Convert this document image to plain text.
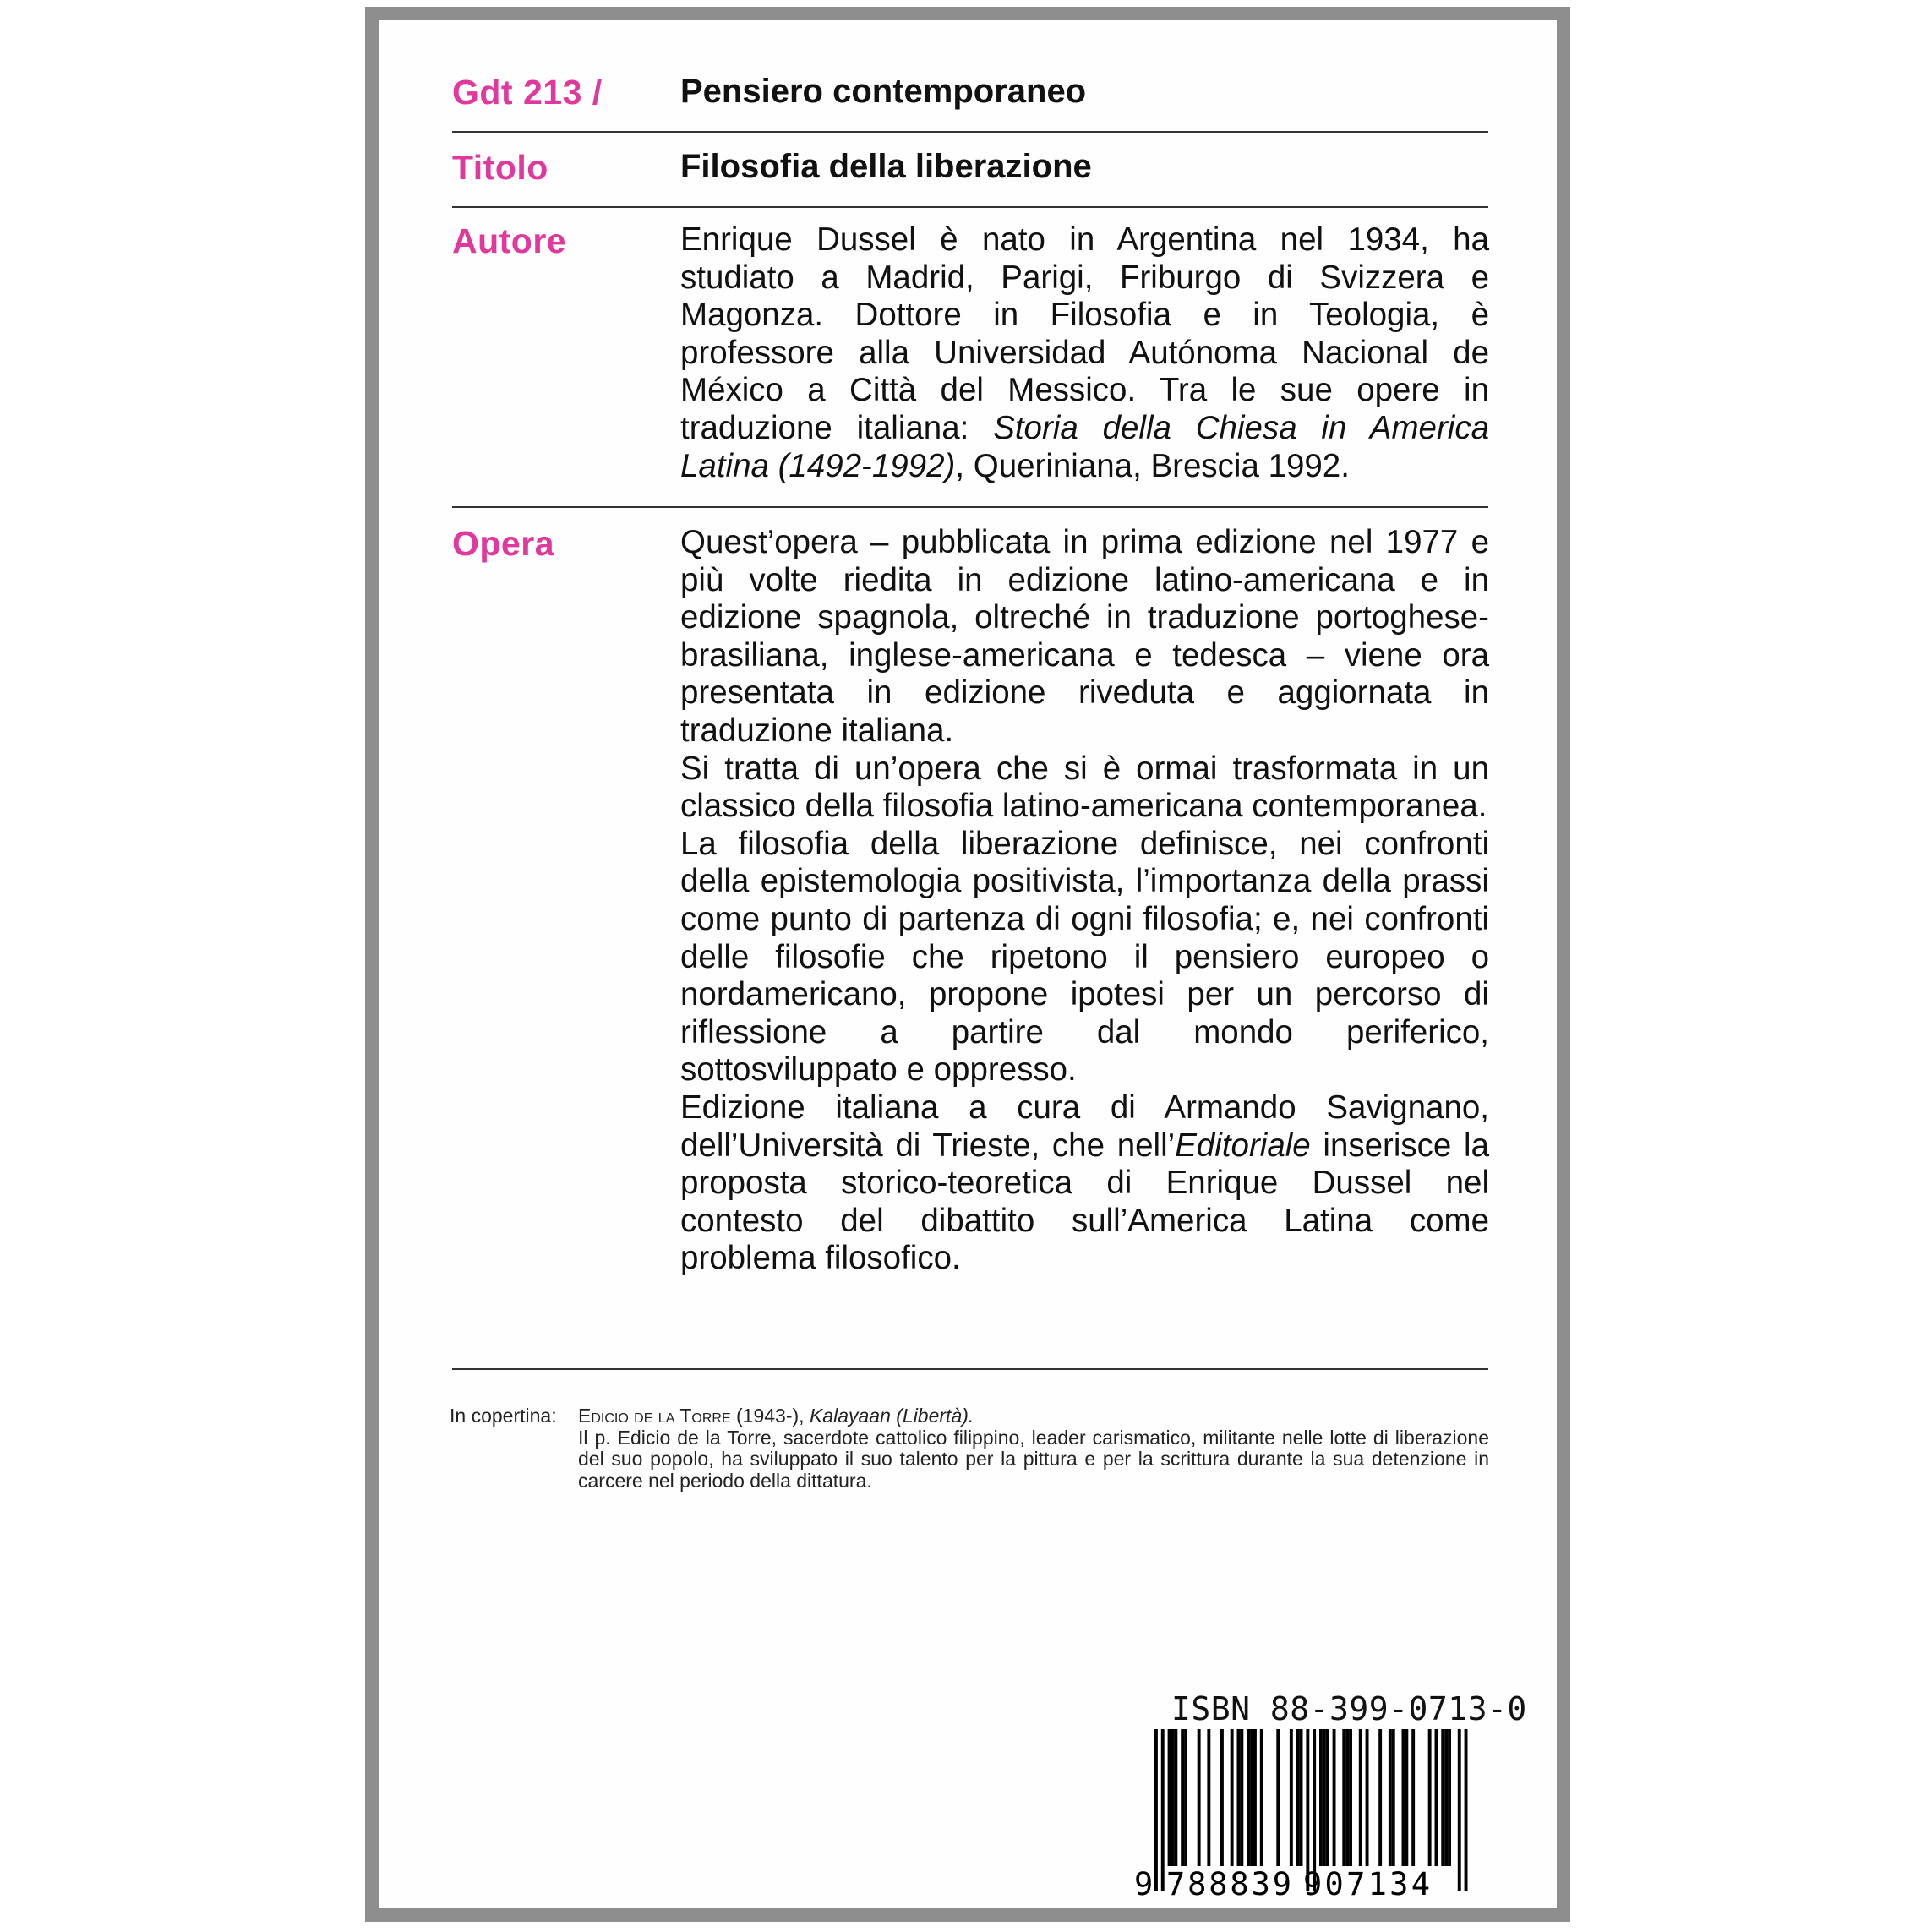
Gdt 213 / Pensiero contemporaneo
Titolo	Filosofia della liberazione
Autore	Enrique Dussel è nato in Argentina nel 1934, ha studiato a Madrid, Parigi, Friburgo di Svizzera e Magonza. Dottore in Filosofia e in Teologia, è professore alla Universidad Autónoma Nacional de México a Città del Messico. Tra le sue opere in traduzione italiana: Storia della Chiesa in America Latina (1492-1992), Queriniana, Brescia 1992.

Opera	Quest’opera – pubblicata in prima edizione nel 1977 e più volte riedita in edizione latino-americana e in edizione spagnola, oltreché in traduzione portoghese-brasiliana, inglese-americana e tedesca – viene ora presentata in edizione riveduta e aggiornata in traduzione italiana.

Si tratta di un’opera che si è ormai trasformata in un classico della filosofia latino-americana contemporanea.

La filosofia della liberazione definisce, nei confronti della epistemologia positivista, l’importanza della prassi come punto di partenza di ogni filosofia; e, nei confronti delle filosofie che ripetono il pensiero europeo o nordamericano, propone ipotesi per un percorso di riflessione a partire dal mondo periferico, sottosviluppato e oppresso.

Edizione italiana a cura di Armando Savignano, dell’Università di Trieste, che nell’Editoriale inserisce la proposta storico-teoretica di Enrique Dussel nel contesto del dibattito sull’America Latina come problema filosofico.

In copertina: Edicio de la Torre (1943-), Kalayaan (Libertà).
Il p. Edicio de la Torre, sacerdote cattolico filippino, leader carismatico, militante nelle lotte di liberazione del suo popolo, ha sviluppato il suo talento per la pittura e per la scrittura durante la sua detenzione in carcere nel periodo della dittatura.
ISBN 88-399-0713-0
9 788839 907134
